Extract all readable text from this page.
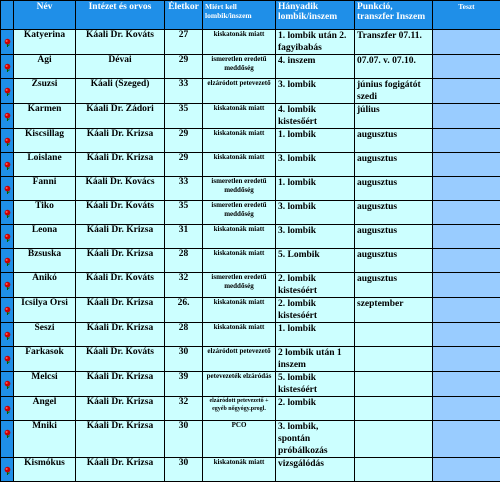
	Név	Intézet és orvos	Életkor	Miért kell lombik/inszem	Hányadik lombik/inszem	Punkció, transzfer Inszem	Teszt
	Katyerina	Káali Dr. Kováts	27	kiskatonák miatt	1. lombik után 2. fagyibabás	Transzfer 07.11.	
	Ági	Dévai	29	ismeretlen eredetű meddőség	4. inszem	07.07. v. 07.10.	
	Zsuzsi	Káali (Szeged)	33	elzáródott petevezető	3. lombik	június fogigátót szedi	
	Karmen	Káali Dr. Zádori	35	kiskatonák miatt	4. lombik kistesőért	július	
	Kiscsillag	Káali Dr. Krizsa	29	kiskatonák miatt	1. lombik	augusztus	
	Loislane	Káali Dr. Krizsa	29	kiskatonák miatt	3. lombik	augusztus	
	Fanni	Káali Dr. Kovács	33	ismeretlen eredetű meddőség	1. lombik	augusztus	
	Tiko	Káali Dr. Kováts	35	ismeretlen eredetű meddőség	3. lombik	augusztus	
	Leona	Káali Dr. Krizsa	31	kiskatonák miatt	3. lombik	augusztus	
	Bzsuska	Káali Dr. Krizsa	28	kiskatonák miatt	5. Lombik	augusztus	
	Anikó	Káali Dr. Kováts	32	ismeretlen eredetű meddőség	2. lombik kistesóért	augusztus	
	Icsilya Orsi	Káali Dr. Krizsa	26.	kiskatonák miatt	2. lombik kistesóért	szeptember	
	Seszi	Káali Dr. Krizsa	28	kiskatonák miatt	1. lombik		
	Farkasok	Káali Dr. Kováts	30	elzáródott petevezető	2 lombik után 1 inszem		
	Melcsi	Káali Dr. Krizsa	39	petevezeték elzáródás	5. lombik kistesóért		
	Angel	Káali Dr. Krizsa	32	elzáródott petevezető + egyéb nőgyógy.progl.	2. lombik		
	Mniki	Káali Dr. Krizsa	30	PCO	3. lombik, spontán próbálkozás		
	Kismókus	Káali Dr. Krizsa	30	kiskatonák miatt	vizsgálódás		
